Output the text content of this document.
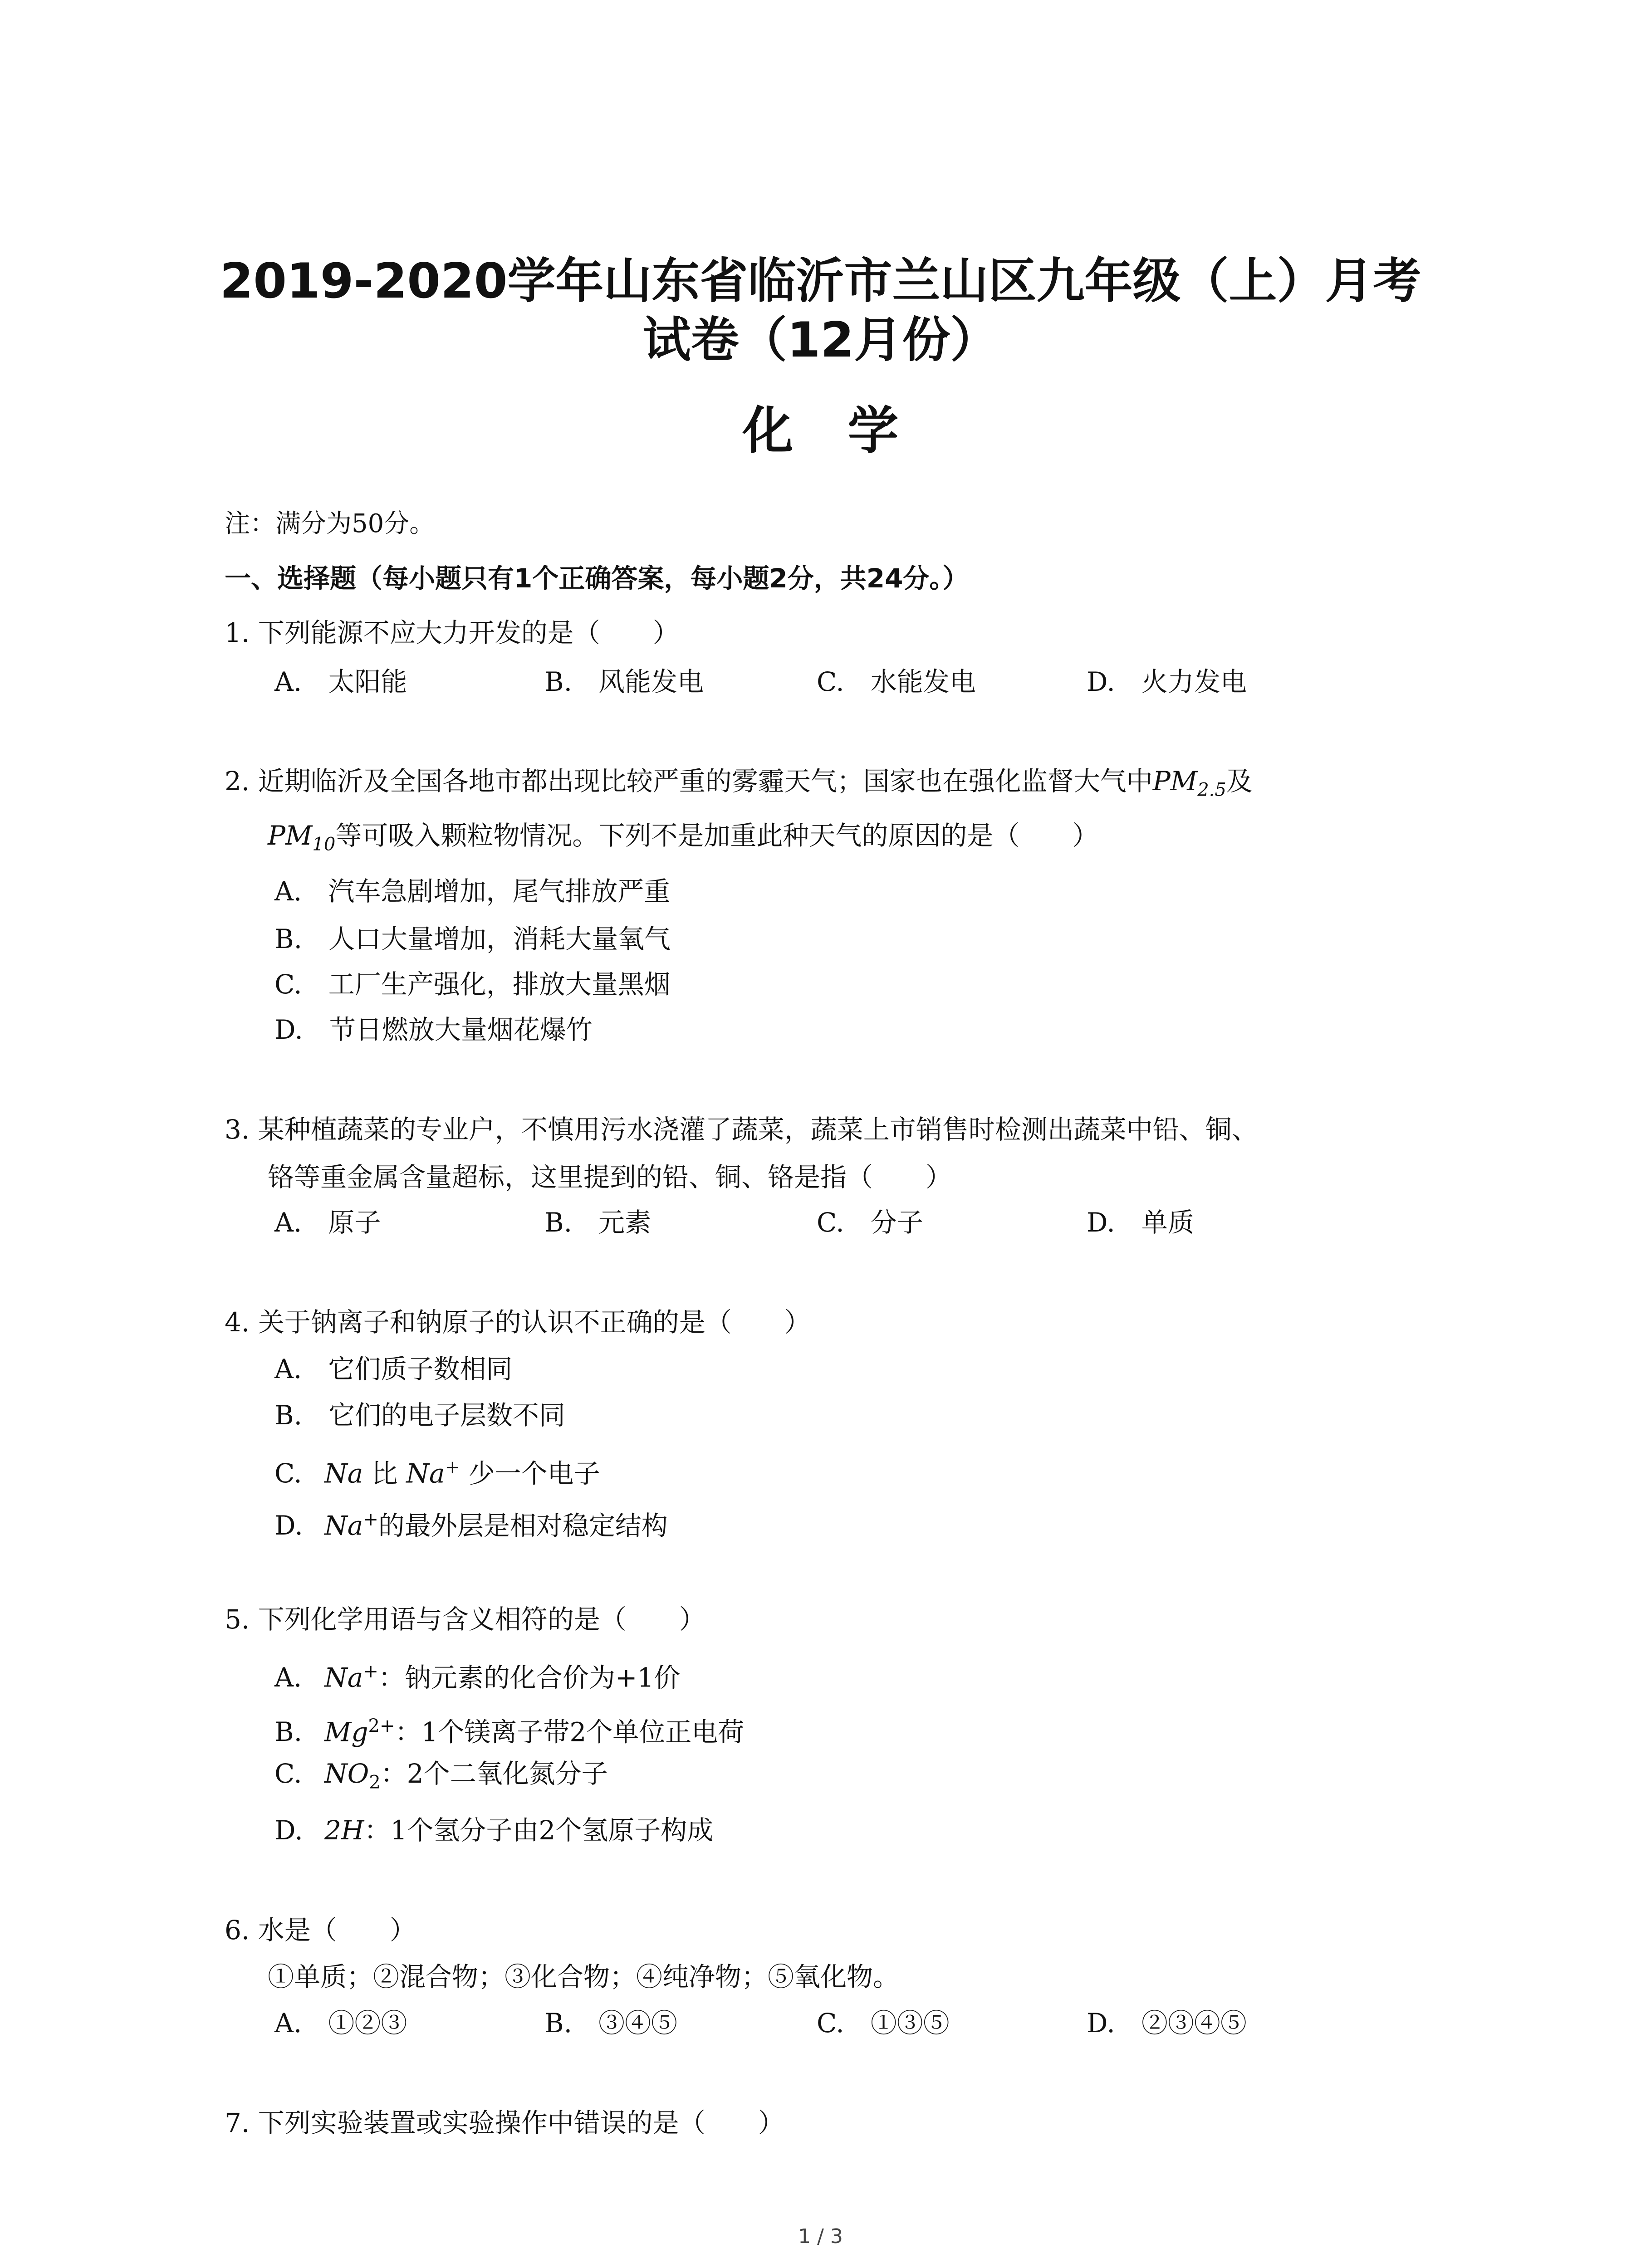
2019-2020学年山东省临沂市兰山区九年级（上）月考
试卷（12月份）
化学
注：满分为50分。
一、选择题（每小题只有1个正确答案，每小题2分，共24分。）
1. 下列能源不应大力开发的是（　　）
A.　太阳能	B.　风能发电	C.　水能发电	D.　火力发电
2. 近期临沂及全国各地市都出现比较严重的雾霾天气；国家也在强化监督大气中$PM_{2.5}$及
$PM_{10}$等可吸入颗粒物情况。下列不是加重此种天气的原因的是（　　）
A.　汽车急剧增加，尾气排放严重
B.　人口大量增加，消耗大量氧气
C.　工厂生产强化，排放大量黑烟
D.　节日燃放大量烟花爆竹
3. 某种植蔬菜的专业户，不慎用污水浇灌了蔬菜，蔬菜上市销售时检测出蔬菜中铅、铜、
铬等重金属含量超标，这里提到的铅、铜、铬是指（　　）
A.　原子	B.　元素	C.　分子	D.　单质
4. 关于钠离子和钠原子的认识不正确的是（　　）
A.　它们质子数相同
B.　它们的电子层数不同
C. Na 比 Na+ 少一个电子
D. Na+的最外层是相对稳定结构
5. 下列化学用语与含义相符的是（　　）
A. Na+：钠元素的化合价为+1价
B. $Mg^{2+}$：1个镁离子带2个单位正电荷
C. $NO_2$：2个二氧化氮分子
D. 2H：1个氢分子由2个氢原子构成
6. 水是（　　）
①单质；②混合物；③化合物；④纯净物；⑤氧化物。
A.　①②③	B.　③④⑤	C.　①③⑤	D.　②③④⑤
7. 下列实验装置或实验操作中错误的是（　　）
1 / 3
